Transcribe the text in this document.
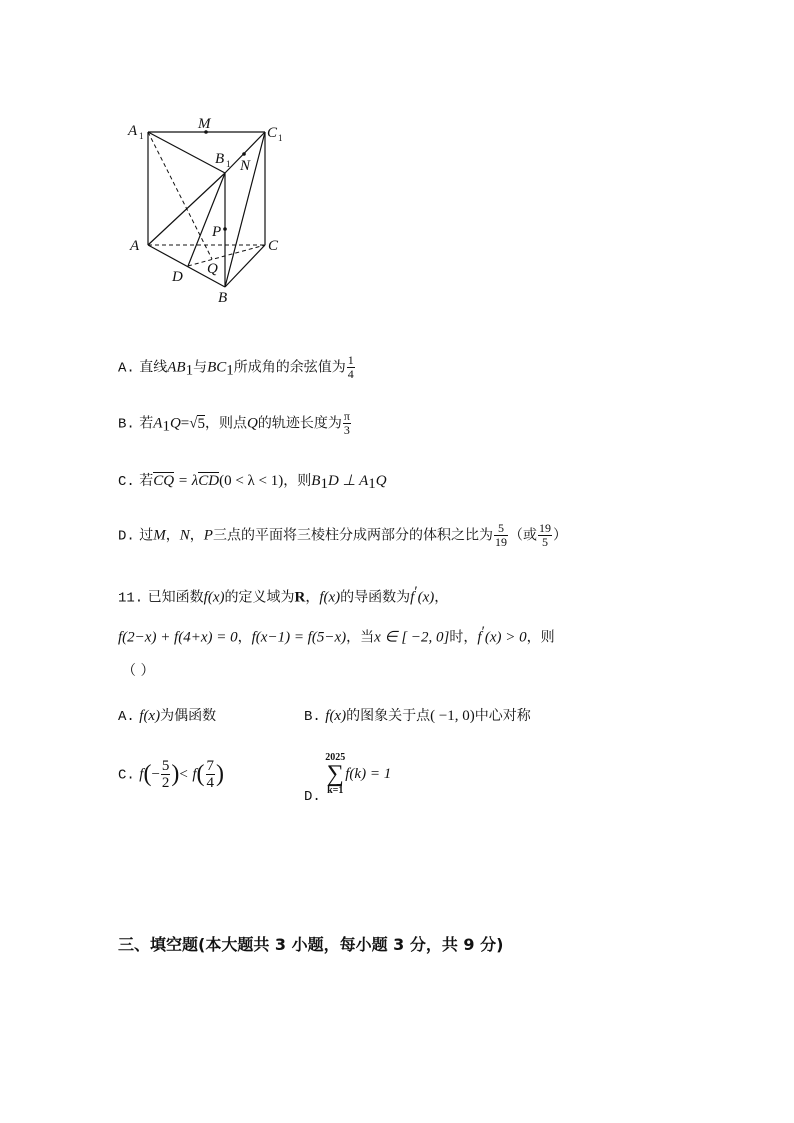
A 1
M
C 1
B 1 N
P
A	C
D Q
B
A. 直线$AB_1$与$BC_1$所成角的余弦值为 $\frac{1}{4}$
B. 若$A_1Q=√5$，则点Q的轨迹长度为 $\frac{\pi}{3}$
C. 若CQ = λCD(0 < λ < 1)，则$B_1D$ ⊥ $A_1Q$
D. 过M，N，P三点的平面将三棱柱分成两部分的体积之比为 $\frac{5}{19}$ （或 $\frac{19}{5}$ ）
11. 已知函数f(x)的定义域为R，f(x)的导函数为f′(x)，
f(2−x) + f(4+x) = 0，f(x−1) = f(5−x)，当x ∈ [ −2, 0]时，f′(x) > 0，则
（ ）
A. f(x)为偶函数	B. f(x)的图象关于点( −1, 0)中心对称
C. $f(- \frac{5}{2}$ )< $f( \frac{7}{4}$ )
D.
2025
∑
k=1
f(k) = 1
三、填空题(本大题共 3 小题，每小题 3 分，共 9 分)
